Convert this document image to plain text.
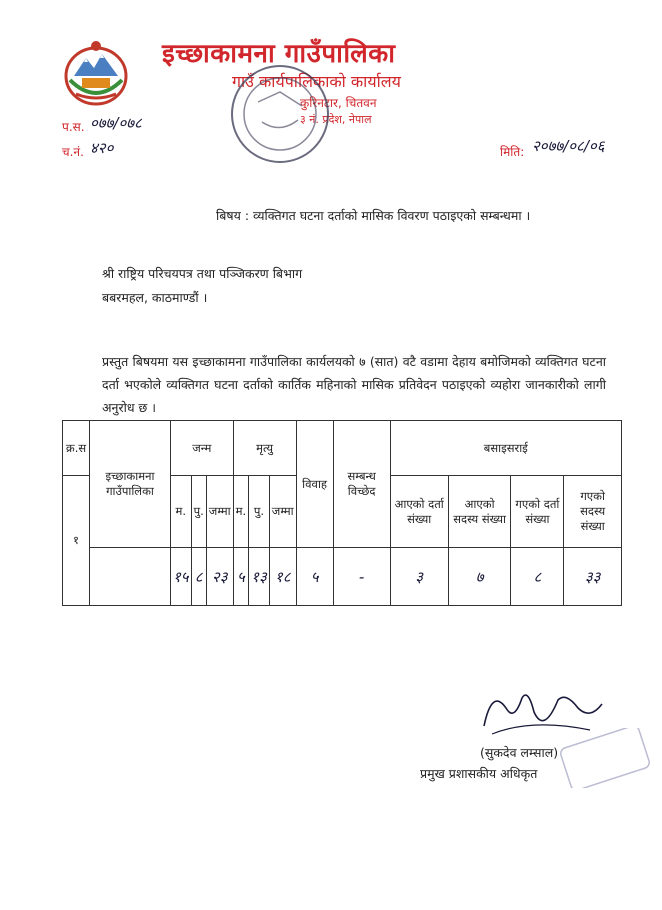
इच्छाकामना गाउँपालिका
गाउँ कार्यपालिकाको कार्यालय
कुरिनटार, चितवन
३ नं. प्रदेश, नेपाल
प.स. ०७७/०७८
च.नं. ४२०	मिति: २०७७/०८/०६
बिषय : व्यक्तिगत घटना दर्ताको मासिक विवरण पठाइएको सम्बन्धमा ।
श्री राष्ट्रिय परिचयपत्र तथा पञ्जिकरण बिभाग
बबरमहल, काठमाण्डौं ।
प्रस्तुत बिषयमा यस इच्छाकामना गाउँपालिका कार्यलयको ७ (सात) वटै वडामा देहाय बमोजिमको व्यक्तिगत घटना दर्ता भएकोले व्यक्तिगत घटना दर्ताको कार्तिक महिनाको मासिक प्रतिवेदन पठाइएको व्यहोरा जानकारीको लागी अनुरोध छ ।
क्र.स	इच्छाकामना गाउँपालिका	जन्म			मृत्यु			विवाह	सम्बन्ध विच्छेद	बसाइसराई			
१		म.	पु.	जम्मा	म.	पु.	जम्मा			आएको दर्ता संख्या	आएको सदस्य संख्या	गएको दर्ता संख्या	गएको सदस्य संख्या
		१५	८	२३	५	१३	१८	५	-	३	७	८	३३
(सुकदेव लम्साल)
प्रमुख प्रशासकीय अधिकृत
